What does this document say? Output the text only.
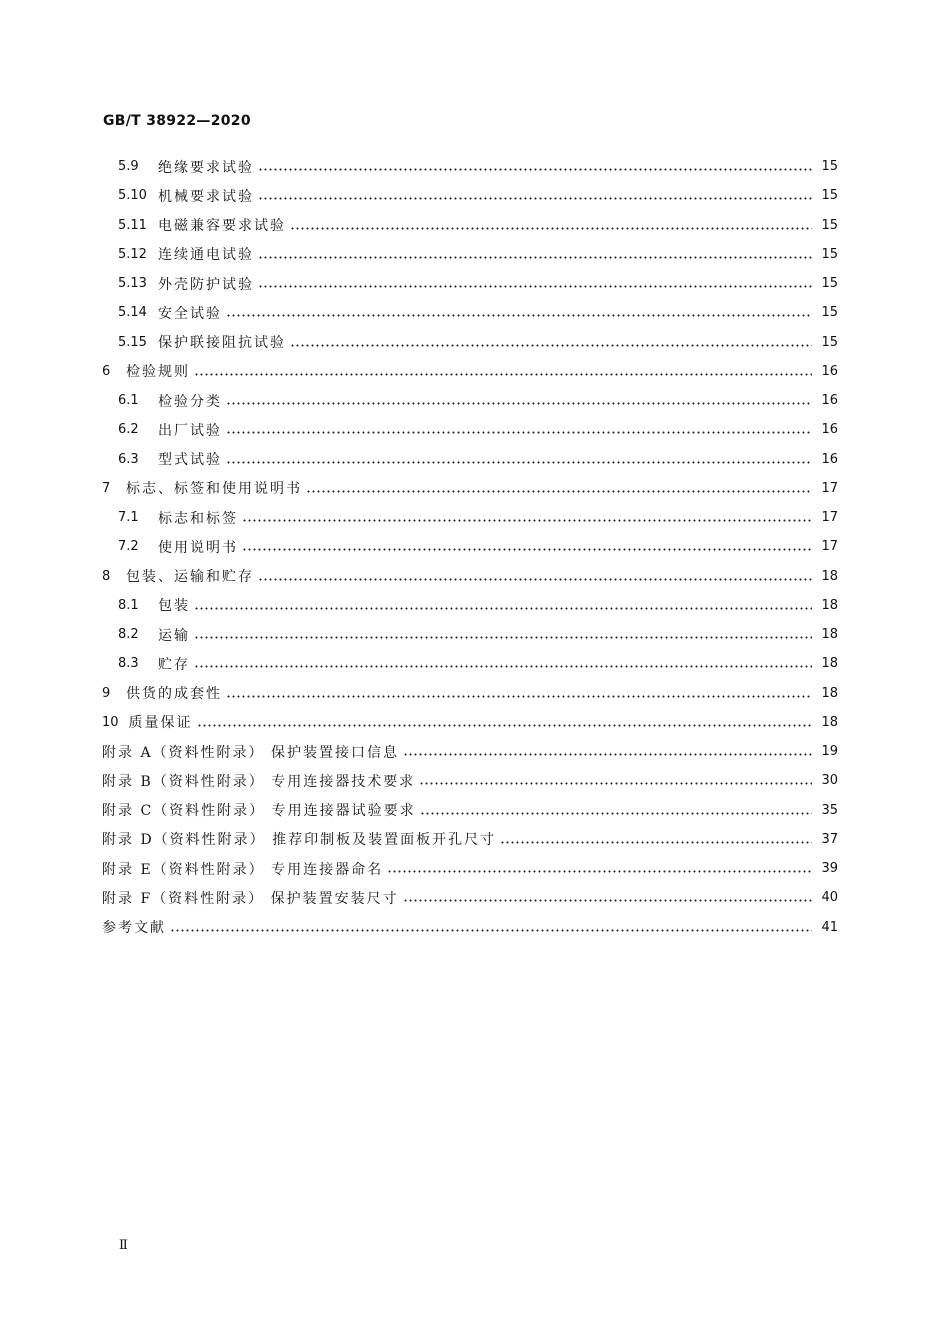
GB/T 38922—2020
5.9	绝缘要求试验	15
5.10 机械要求试验	15
5.11 电磁兼容要求试验	15
5.12 连续通电试验	15
5.13 外壳防护试验	15
5.14 安全试验	15
5.15 保护联接阻抗试验	15
6	检验规则	16
6.1	检验分类	16
6.2	出厂试验	16
6.3	型式试验	16
7	标志、标签和使用说明书	17
7.1	标志和标签	17
7.2	使用说明书	17
8	包装、运输和贮存	18
8.1	包装	18
8.2	运输	18
8.3	贮存	18
9	供货的成套性	18
10 质量保证	18
附录 A（资料性附录） 保护装置接口信息	19
附录 B（资料性附录） 专用连接器技术要求	30
附录 C（资料性附录） 专用连接器试验要求	35
附录 D（资料性附录） 推荐印制板及装置面板开孔尺寸	37
附录 E（资料性附录） 专用连接器命名	39
附录 F（资料性附录） 保护装置安装尺寸	40
参考文献	41
Ⅱ
